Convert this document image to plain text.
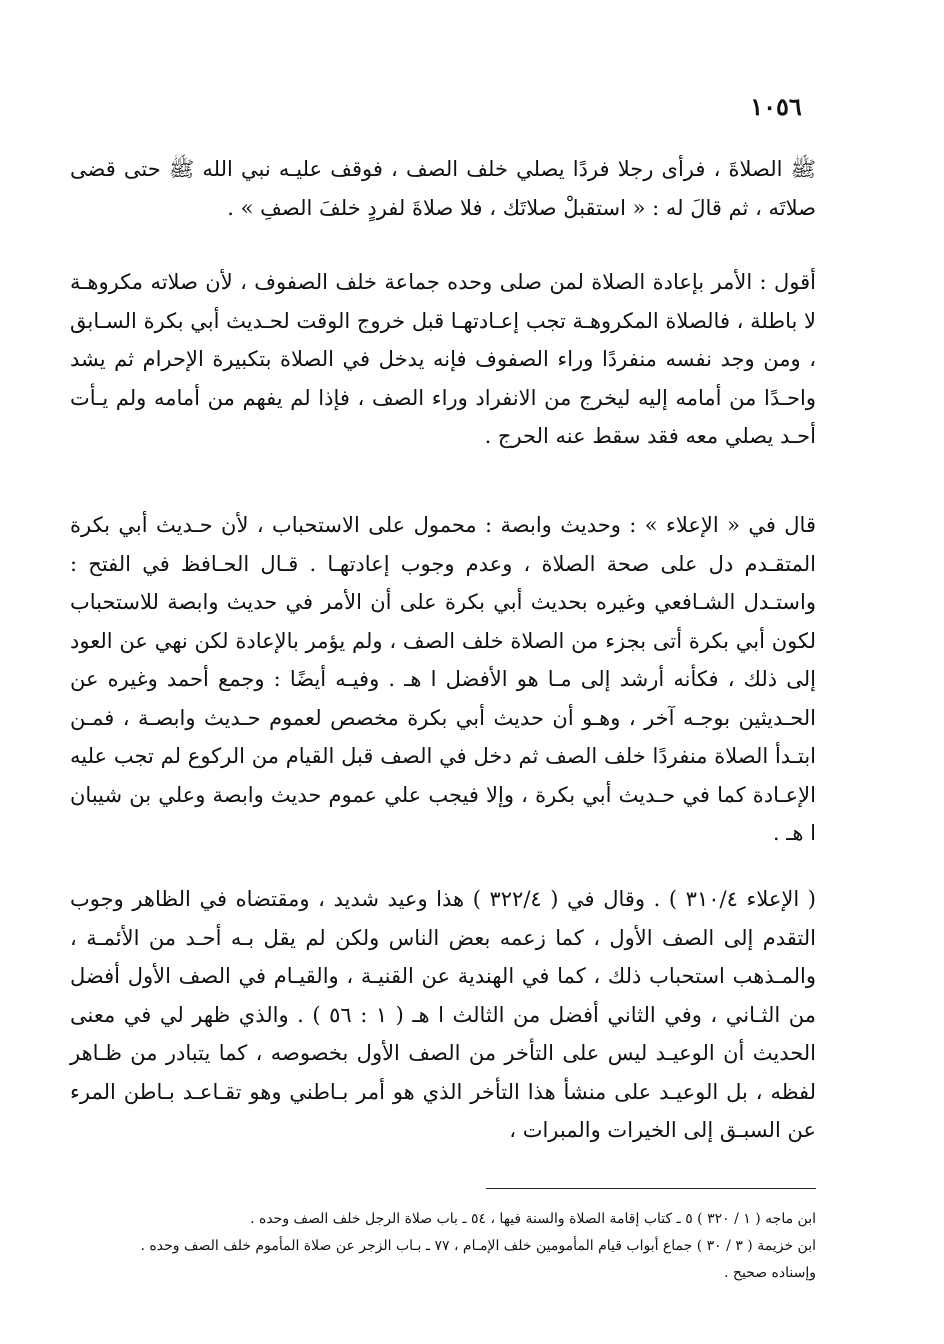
١٠٥٦

ﷺ الصلاةَ ، فرأى رجلا فردًا يصلي خلف الصف ، فوقف عليـه نبي الله ﷺ حتى قضى صلاتَه ، ثم قالَ له : « استقبلْ صلاتَك ، فلا صلاةَ لفردٍ خلفَ الصفِ » .

أقول : الأمر بإعادة الصلاة لمن صلى وحده جماعة خلف الصفوف ، لأن صلاته مكروهـة لا باطلة ، فالصلاة المكروهـة تجب إعـادتهـا قبل خروج الوقت لحـديث أبي بكرة السـابق ، ومن وجد نفسه منفردًا وراء الصفوف فإنه يدخل في الصلاة بتكبيرة الإحرام ثم يشد واحـدًا من أمامه إليه ليخرج من الانفراد وراء الصف ، فإذا لم يفهم من أمامه ولم يـأت أحـد يصلي معه فقد سقط عنه الحرج .

قال في « الإعلاء » : وحديث وابصة : محمول على الاستحباب ، لأن حـديث أبي بكرة المتقـدم دل على صحة الصلاة ، وعدم وجوب إعادتهـا . قـال الحـافظ في الفتح : واستـدل الشـافعي وغيره بحديث أبي بكرة على أن الأمر في حديث وابصة للاستحباب لكون أبي بكرة أتى بجزء من الصلاة خلف الصف ، ولم يؤمر بالإعادة لكن نهي عن العود إلى ذلك ، فكأنه أرشد إلى مـا هو الأفضل ا هـ . وفيـه أيضًا : وجمع أحمد وغيره عن الحـديثين بوجـه آخر ، وهـو أن حديث أبي بكرة مخصص لعموم حـديث وابصـة ، فمـن ابتـدأ الصلاة منفردًا خلف الصف ثم دخل في الصف قبل القيام من الركوع لم تجب عليه الإعـادة كما في حـديث أبي بكرة ، وإلا فيجب علي عموم حديث وابصة وعلي بن شيبان ا هـ .

( الإعلاء ٣١٠/٤ ) . وقال في ( ٣٢٢/٤ ) هذا وعيد شديد ، ومقتضاه في الظاهر وجوب التقدم إلى الصف الأول ، كما زعمه بعض الناس ولكن لم يقل بـه أحـد من الأئمـة ، والمـذهب استحباب ذلك ، كما في الهندية عن القنيـة ، والقيـام في الصف الأول أفضل من الثـاني ، وفي الثاني أفضل من الثالث ا هـ ( ١ : ٥٦ ) . والذي ظهر لي في معنى الحديث أن الوعيـد ليس على التأخر من الصف الأول بخصوصه ، كما يتبادر من ظـاهر لفظه ، بل الوعيـد على منشأ هذا التأخر الذي هو أمر بـاطني وهو تقـاعـد بـاطن المرء عن السبـق إلى الخيرات والمبرات ،

ابن ماجه ( ١ / ٣٢٠ ) ٥ ـ كتاب إقامة الصلاة والسنة فيها ، ٥٤ ـ باب صلاة الرجل خلف الصف وحده .

ابن خزيمة ( ٣ / ٣٠ ) جماع أبواب قيام المأمومين خلف الإمـام ، ٧٧ ـ بـاب الزجر عن صلاة المأموم خلف الصف وحده . وإسناده صحيح .
